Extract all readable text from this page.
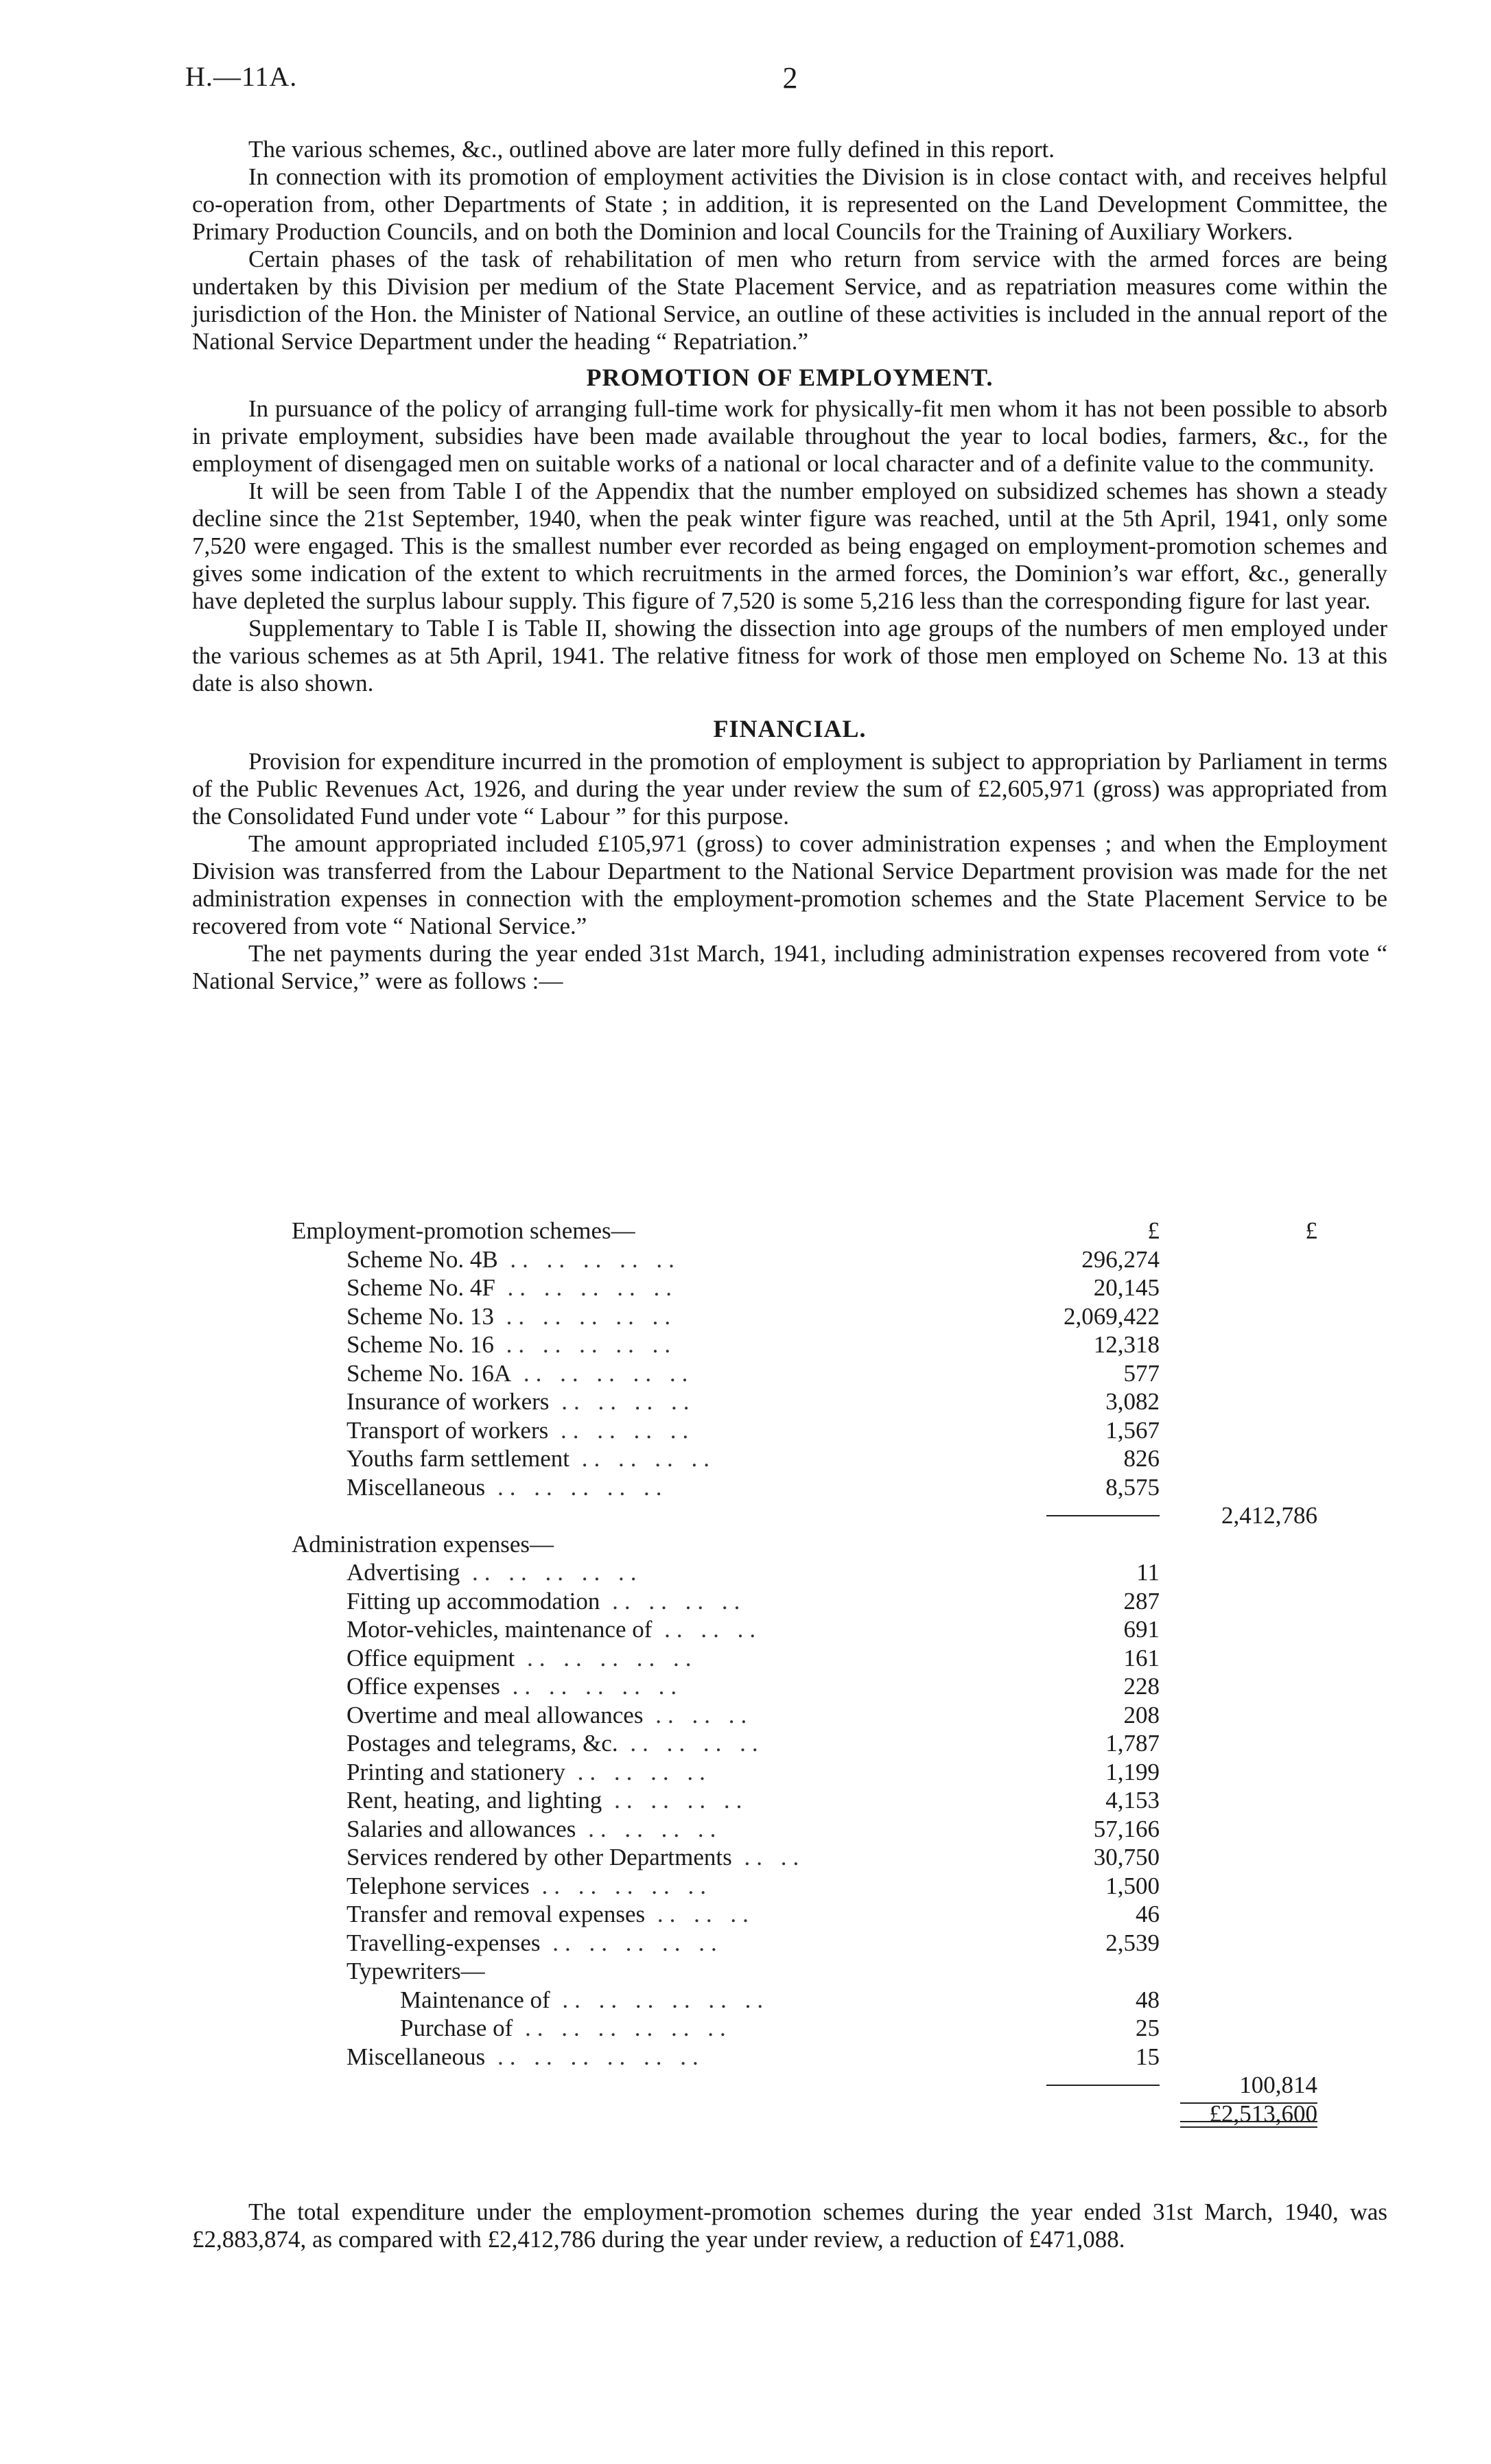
H.—11A.	2

The various schemes, &c., outlined above are later more fully defined in this report.

In connection with its promotion of employment activities the Division is in close contact with, and receives helpful co-operation from, other Departments of State ; in addition, it is represented on the Land Development Committee, the Primary Production Councils, and on both the Dominion and local Councils for the Training of Auxiliary Workers.

Certain phases of the task of rehabilitation of men who return from service with the armed forces are being undertaken by this Division per medium of the State Placement Service, and as repatriation measures come within the jurisdiction of the Hon. the Minister of National Service, an outline of these activities is included in the annual report of the National Service Department under the heading “ Repatriation.”

PROMOTION OF EMPLOYMENT.

In pursuance of the policy of arranging full-time work for physically-fit men whom it has not been possible to absorb in private employment, subsidies have been made available throughout the year to local bodies, farmers, &c., for the employment of disengaged men on suitable works of a national or local character and of a definite value to the community.

It will be seen from Table I of the Appendix that the number employed on subsidized schemes has shown a steady decline since the 21st September, 1940, when the peak winter figure was reached, until at the 5th April, 1941, only some 7,520 were engaged. This is the smallest number ever recorded as being engaged on employment-promotion schemes and gives some indication of the extent to which recruitments in the armed forces, the Dominion’s war effort, &c., generally have depleted the surplus labour supply. This figure of 7,520 is some 5,216 less than the corresponding figure for last year.

Supplementary to Table I is Table II, showing the dissection into age groups of the numbers of men employed under the various schemes as at 5th April, 1941. The relative fitness for work of those men employed on Scheme No. 13 at this date is also shown.

FINANCIAL.

Provision for expenditure incurred in the promotion of employment is subject to appropriation by Parliament in terms of the Public Revenues Act, 1926, and during the year under review the sum of £2,605,971 (gross) was appropriated from the Consolidated Fund under vote “ Labour ” for this purpose.

The amount appropriated included £105,971 (gross) to cover administration expenses ; and when the Employment Division was transferred from the Labour Department to the National Service Department provision was made for the net administration expenses in connection with the employment-promotion schemes and the State Placement Service to be recovered from vote “ National Service.”

The net payments during the year ended 31st March, 1941, including administration expenses recovered from vote “ National Service,” were as follows :—

Employment-promotion schemes—	£	£
Scheme No. 4B .. .. .. .. ..	296,274	
Scheme No. 4F .. .. .. .. ..	20,145	
Scheme No. 13 .. .. .. .. ..	2,069,422	
Scheme No. 16 .. .. .. .. ..	12,318	
Scheme No. 16A .. .. .. .. ..	577	
Insurance of workers .. .. .. ..	3,082	
Transport of workers .. .. .. ..	1,567	
Youths farm settlement .. .. .. ..	826	
Miscellaneous .. .. .. .. ..	8,575	

	2,412,786
Administration expenses—		
Advertising .. .. .. .. ..	11	
Fitting up accommodation .. .. .. ..	287	
Motor-vehicles, maintenance of .. .. ..	691	
Office equipment .. .. .. .. ..	161	
Office expenses .. .. .. .. ..	228	
Overtime and meal allowances .. .. ..	208	
Postages and telegrams, &c. .. .. .. ..	1,787	
Printing and stationery .. .. .. ..	1,199	
Rent, heating, and lighting .. .. .. ..	4,153	
Salaries and allowances .. .. .. ..	57,166	
Services rendered by other Departments .. ..	30,750	
Telephone services .. .. .. .. ..	1,500	
Transfer and removal expenses .. .. ..	46	
Travelling-expenses .. .. .. .. ..	2,539	
Typewriters—		
Maintenance of .. .. .. .. .. ..	48	
Purchase of .. .. .. .. .. ..	25	
Miscellaneous .. .. .. .. .. ..	15	

	100,814

£2,513,600

The total expenditure under the employment-promotion schemes during the year ended 31st March, 1940, was £2,883,874, as compared with £2,412,786 during the year under review, a reduction of £471,088.
